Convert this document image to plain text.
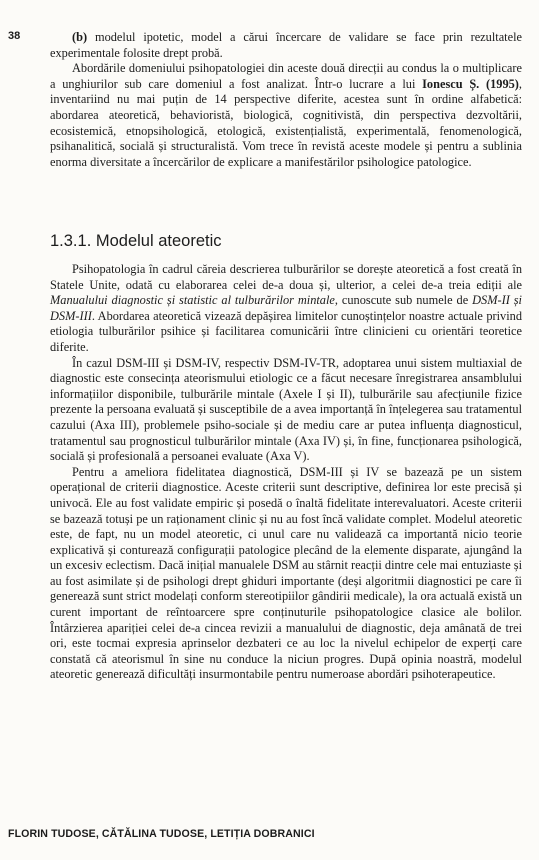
38	(b) modelul ipotetic, model a cărui încercare de validare se face prin rezultatele experimentale folosite drept probă.

Abordările domeniului psihopatologiei din aceste două direcții au condus la o multiplicare a unghiurilor sub care domeniul a fost analizat. Într-o lucrare a lui Ionescu Ș. (1995), inventariind nu mai puțin de 14 perspective diferite, acestea sunt în ordine alfabetică: abordarea ateoretică, behavioristă, biologică, cognitivistă, din perspectiva dezvoltării, ecosistemică, etnopsihologică, etologică, existențialistă, experimentală, fenomenologică, psihanalitică, socială și structuralistă. Vom trece în revistă aceste modele și pentru a sublinia enorma diversitate a încercărilor de explicare a manifestărilor psihologice patologice.

1.3.1. Modelul ateoretic

Psihopatologia în cadrul căreia descrierea tulburărilor se dorește ateoretică a fost creată în Statele Unite, odată cu elaborarea celei de-a doua și, ulterior, a celei de-a treia ediții ale Manualului diagnostic și statistic al tulburărilor mintale, cunoscute sub numele de DSM-II și DSM-III. Abordarea ateoretică vizează depășirea limitelor cunoștințelor noastre actuale privind etiologia tulburărilor psihice și facilitarea comunicării între clinicieni cu orientări teoretice diferite.

În cazul DSM-III și DSM-IV, respectiv DSM-IV-TR, adoptarea unui sistem multiaxial de diagnostic este consecința ateorismului etiologic ce a făcut necesare înregistrarea ansamblului informațiilor disponibile, tulburările mintale (Axele I și II), tulburările sau afecțiunile fizice prezente la persoana evaluată și susceptibile de a avea importanță în înțelegerea sau tratamentul cazului (Axa III), problemele psiho-sociale și de mediu care ar putea influența diagnosticul, tratamentul sau prognosticul tulburărilor mintale (Axa IV) și, în fine, funcționarea psihologică, socială și profesională a persoanei evaluate (Axa V).

Pentru a ameliora fidelitatea diagnostică, DSM-III și IV se bazează pe un sistem operațional de criterii diagnostice. Aceste criterii sunt descriptive, definirea lor este precisă și univocă. Ele au fost validate empiric și posedă o înaltă fidelitate interevaluatori. Aceste criterii se bazează totuși pe un raționament clinic și nu au fost încă validate complet. Modelul ateoretic este, de fapt, nu un model ateoretic, ci unul care nu validează ca importantă nicio teorie explicativă și contureazǎ configurații patologice plecând de la elemente disparate, ajungând la un excesiv eclectism. Dacă inițial manualele DSM au stârnit reacții dintre cele mai entuziaste și au fost asimilate și de psihologi drept ghiduri importante (deși algoritmii diagnostici pe care îi generează sunt strict modelați conform stereotipiilor gândirii medicale), la ora actuală există un curent important de reîntoarcere spre conținuturile psihopatologice clasice ale bolilor. Întârzierea apariției celei de-a cincea revizii a manualului de diagnostic, deja amânată de trei ori, este tocmai expresia aprinselor dezbateri ce au loc la nivelul echipelor de experți care constată că ateorismul în sine nu conduce la niciun progres. După opinia noastră, modelul ateoretic generează dificultăți insurmontabile pentru numeroase abordări psihoterapeutice.

FLORIN TUDOSE, CĂTĂLINA TUDOSE, LETIȚIA DOBRANICI
